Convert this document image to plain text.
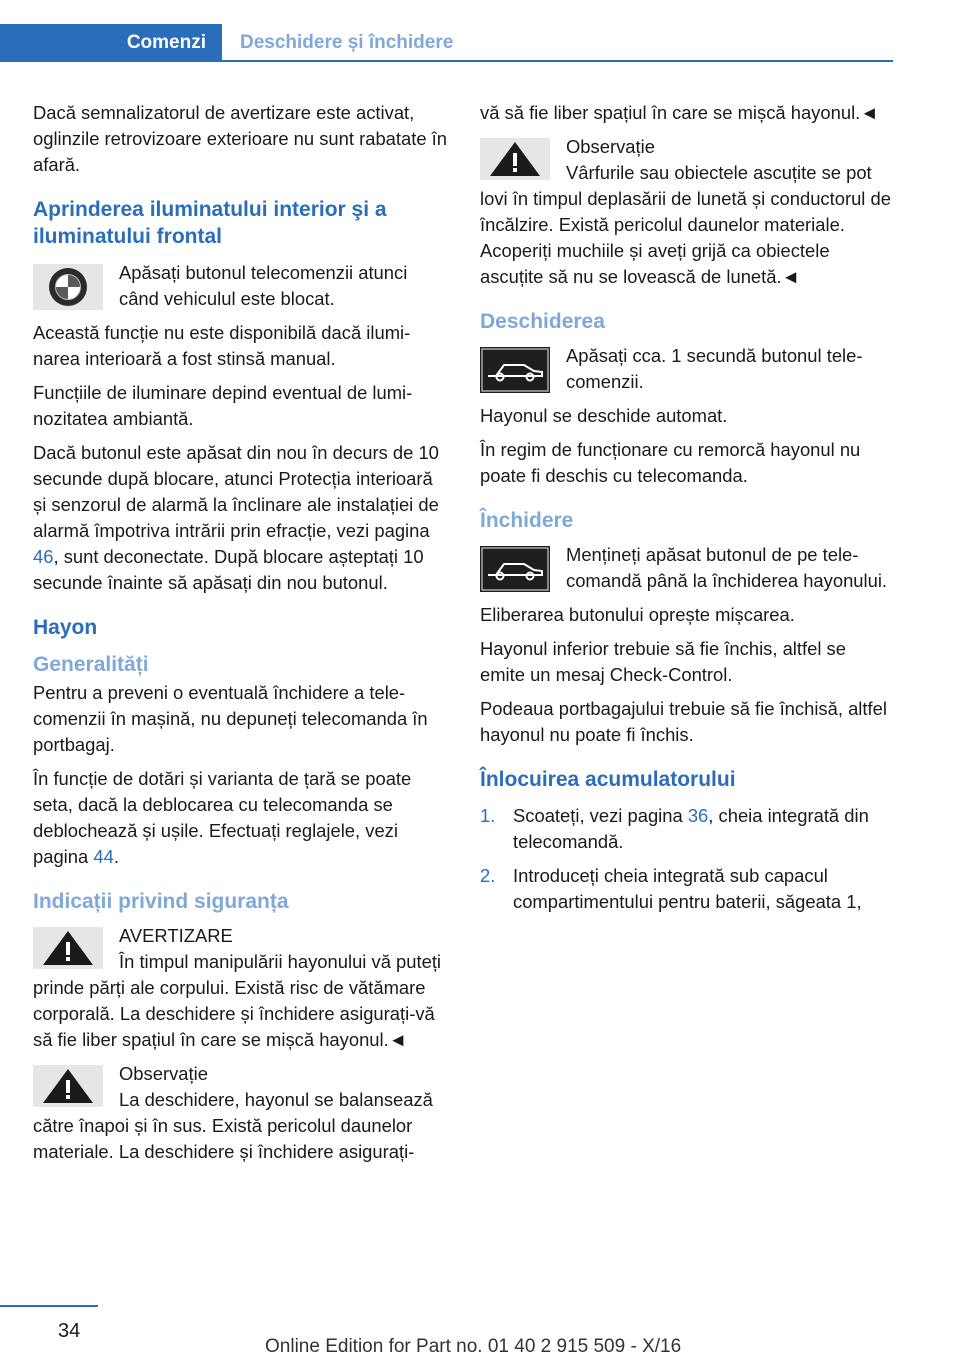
Comenzi	Deschidere și închidere

Dacă semnalizatorul de avertizare este activat, oglinzile retrovizoare exterioare nu sunt rabatate în afară.

Aprinderea iluminatului interior şi a iluminatului frontal
Apăsați butonul telecomenzii atunci când vehiculul este blocat.

Această funcție nu este disponibilă dacă iluminarea interioară a fost stinsă manual.

Funcțiile de iluminare depind eventual de luminozitatea ambiantă.

Dacă butonul este apăsat din nou în decurs de 10 secunde după blocare, atunci Protecția interioară și senzorul de alarmă la înclinare ale instalației de alarmă împotriva intrării prin efracție, vezi pagina 46, sunt deconectate. După blocare așteptați 10 secunde înainte să apăsați din nou butonul.

Hayon
Generalități

Pentru a preveni o eventuală închidere a telecomenzii în mașină, nu depuneți telecomanda în portbagaj.

În funcție de dotări și varianta de țară se poate seta, dacă la deblocarea cu telecomanda se deblochează și ușile. Efectuați reglajele, vezi pagina 44.

Indicații privind siguranța
AVERTIZARE
În timpul manipulării hayonului vă puteți prinde părți ale corpului. Există risc de vătămare corporală. La deschidere și închidere asigurați-vă să fie liber spațiul în care se mișcă hayonul.◄
Observație
La deschidere, hayonul se balansează către înapoi și în sus. Există pericolul daunelor materiale. La deschidere și închidere asigurați-

vă să fie liber spațiul în care se mișcă hayonul.◄

Observație
Vârfurile sau obiectele ascuțite se pot lovi în timpul deplasării de lunetă și conductorul de încălzire. Există pericolul daunelor materiale. Acoperiți muchiile și aveți grijă ca obiectele ascuțite să nu se lovească de lunetă.◄
Deschiderea
Apăsați cca. 1 secundă butonul telecomenzii.

Hayonul se deschide automat.

În regim de funcționare cu remorcă hayonul nu poate fi deschis cu telecomanda.

Închidere
Mențineți apăsat butonul de pe telecomandă până la închiderea hayonului.

Eliberarea butonului oprește mișcarea.

Hayonul inferior trebuie să fie închis, altfel se emite un mesaj Check-Control.

Podeaua portbagajului trebuie să fie închisă, altfel hayonul nu poate fi închis.

Înlocuirea acumulatorului
1. Scoateți, vezi pagina 36, cheia integrată din telecomandă.
2. Introduceți cheia integrată sub capacul compartimentului pentru baterii, săgeata 1,
34
Online Edition for Part no. 01 40 2 915 509 - X/16
